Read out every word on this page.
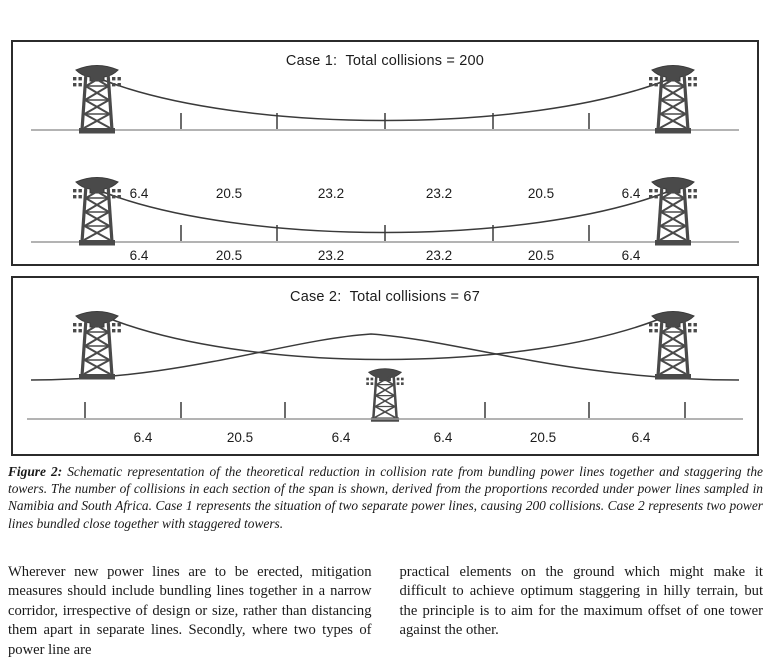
Case 1:  Total collisions = 200
6.4	20.5	23.2	23.2	20.5	6.4
6.4	20.5	23.2	23.2	20.5	6.4
Case 2:  Total collisions = 67
6.4	20.5	6.4	6.4	20.5	6.4
Figure 2: Schematic representation of the theoretical reduction in collision rate from bundling power lines together and staggering the towers. The number of collisions in each section of the span is shown, derived from the proportions recorded under power lines sampled in Namibia and South Africa. Case 1 represents the situation of two separate power lines, causing 200 collisions. Case 2 represents two power lines bundled close together with staggered towers.

Wherever new power lines are to be erected, mitigation measures should include bundling lines together in a narrow corridor, irrespective of design or size, rather than distancing them apart in separate lines. Secondly, where two types of power line are

practical elements on the ground which might make it difficult to achieve optimum staggering in hilly terrain, but the principle is to aim for the maximum offset of one tower against the other.
